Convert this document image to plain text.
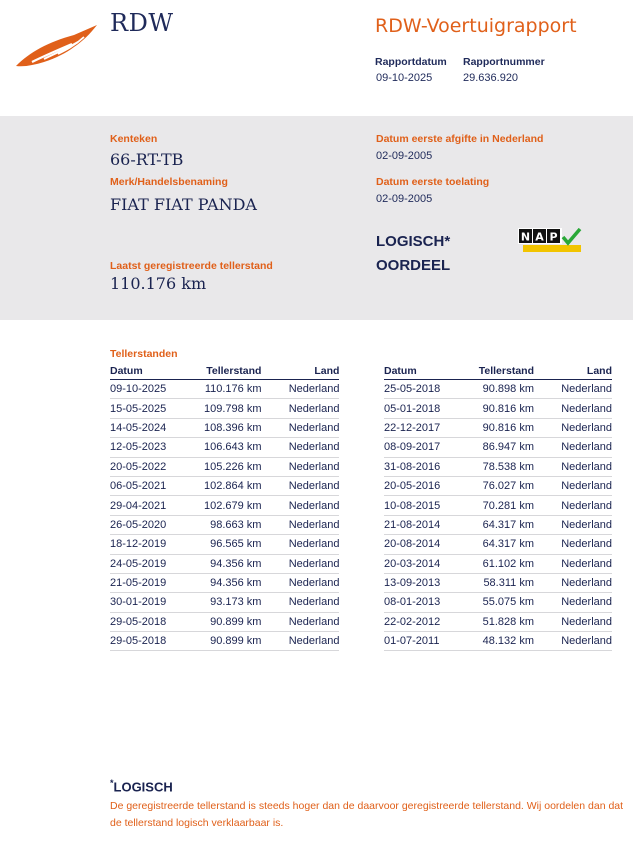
RDW	RDW-Voertuigrapport
Rapportdatum
09-10-2025
Rapportnummer
29.636.920
Kenteken
66-RT-TB
Merk/Handelsbenaming
FIAT FIAT PANDA
Laatst geregistreerde tellerstand
110.176 km
Datum eerste afgifte in Nederland
02-09-2005
Datum eerste toelating
02-09-2005
LOGISCH*
OORDEEL
N A P
Tellerstanden
Datum	Tellerstand	Land
09-10-2025	110.176 km	Nederland
15-05-2025	109.798 km	Nederland
14-05-2024	108.396 km	Nederland
12-05-2023	106.643 km	Nederland
20-05-2022	105.226 km	Nederland
06-05-2021	102.864 km	Nederland
29-04-2021	102.679 km	Nederland
26-05-2020	98.663 km	Nederland
18-12-2019	96.565 km	Nederland
24-05-2019	94.356 km	Nederland
21-05-2019	94.356 km	Nederland
30-01-2019	93.173 km	Nederland
29-05-2018	90.899 km	Nederland
29-05-2018	90.899 km	Nederland
Datum	Tellerstand	Land
25-05-2018	90.898 km	Nederland
05-01-2018	90.816 km	Nederland
22-12-2017	90.816 km	Nederland
08-09-2017	86.947 km	Nederland
31-08-2016	78.538 km	Nederland
20-05-2016	76.027 km	Nederland
10-08-2015	70.281 km	Nederland
21-08-2014	64.317 km	Nederland
20-08-2014	64.317 km	Nederland
20-03-2014	61.102 km	Nederland
13-09-2013	58.311 km	Nederland
08-01-2013	55.075 km	Nederland
22-02-2012	51.828 km	Nederland
01-07-2011	48.132 km	Nederland
*LOGISCH
De geregistreerde tellerstand is steeds hoger dan de daarvoor geregistreerde tellerstand. Wij oordelen dan dat de tellerstand logisch verklaarbaar is.
